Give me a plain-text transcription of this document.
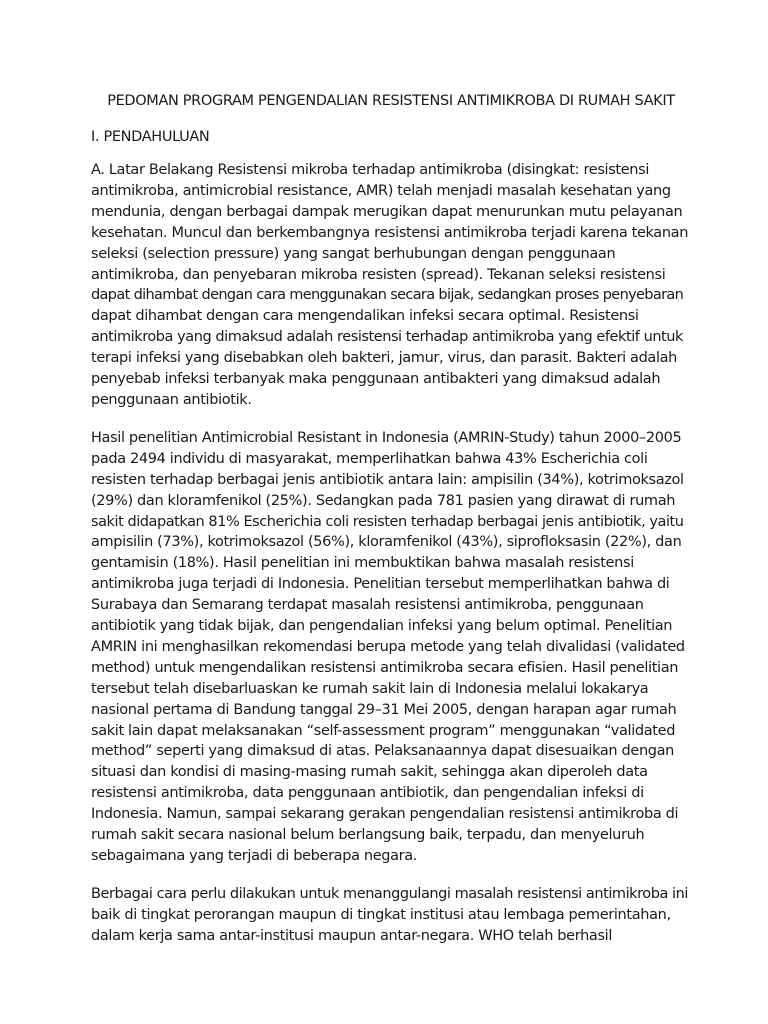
PEDOMAN PROGRAM PENGENDALIAN RESISTENSI ANTIMIKROBA DI RUMAH SAKIT
I. PENDAHULUAN

A. Latar Belakang Resistensi mikroba terhadap antimikroba (disingkat: resistensi
antimikroba, antimicrobial resistance, AMR) telah menjadi masalah kesehatan yang
mendunia, dengan berbagai dampak merugikan dapat menurunkan mutu pelayanan
kesehatan. Muncul dan berkembangnya resistensi antimikroba terjadi karena tekanan
seleksi (selection pressure) yang sangat berhubungan dengan penggunaan
antimikroba, dan penyebaran mikroba resisten (spread). Tekanan seleksi resistensi
dapat dihambat dengan cara menggunakan secara bijak, sedangkan proses penyebaran
dapat dihambat dengan cara mengendalikan infeksi secara optimal. Resistensi
antimikroba yang dimaksud adalah resistensi terhadap antimikroba yang efektif untuk
terapi infeksi yang disebabkan oleh bakteri, jamur, virus, dan parasit. Bakteri adalah
penyebab infeksi terbanyak maka penggunaan antibakteri yang dimaksud adalah
penggunaan antibiotik.

Hasil penelitian Antimicrobial Resistant in Indonesia (AMRIN-Study) tahun 2000–2005
pada 2494 individu di masyarakat, memperlihatkan bahwa 43% Escherichia coli
resisten terhadap berbagai jenis antibiotik antara lain: ampisilin (34%), kotrimoksazol
(29%) dan kloramfenikol (25%). Sedangkan pada 781 pasien yang dirawat di rumah
sakit didapatkan 81% Escherichia coli resisten terhadap berbagai jenis antibiotik, yaitu
ampisilin (73%), kotrimoksazol (56%), kloramfenikol (43%), siprofloksasin (22%), dan
gentamisin (18%). Hasil penelitian ini membuktikan bahwa masalah resistensi
antimikroba juga terjadi di Indonesia. Penelitian tersebut memperlihatkan bahwa di
Surabaya dan Semarang terdapat masalah resistensi antimikroba, penggunaan
antibiotik yang tidak bijak, dan pengendalian infeksi yang belum optimal. Penelitian
AMRIN ini menghasilkan rekomendasi berupa metode yang telah divalidasi (validated
method) untuk mengendalikan resistensi antimikroba secara efisien. Hasil penelitian
tersebut telah disebarluaskan ke rumah sakit lain di Indonesia melalui lokakarya
nasional pertama di Bandung tanggal 29–31 Mei 2005, dengan harapan agar rumah
sakit lain dapat melaksanakan “self-assessment program” menggunakan “validated
method” seperti yang dimaksud di atas. Pelaksanaannya dapat disesuaikan dengan
situasi dan kondisi di masing-masing rumah sakit, sehingga akan diperoleh data
resistensi antimikroba, data penggunaan antibiotik, dan pengendalian infeksi di
Indonesia. Namun, sampai sekarang gerakan pengendalian resistensi antimikroba di
rumah sakit secara nasional belum berlangsung baik, terpadu, dan menyeluruh
sebagaimana yang terjadi di beberapa negara.

Berbagai cara perlu dilakukan untuk menanggulangi masalah resistensi antimikroba ini
baik di tingkat perorangan maupun di tingkat institusi atau lembaga pemerintahan,
dalam kerja sama antar-institusi maupun antar-negara. WHO telah berhasil
